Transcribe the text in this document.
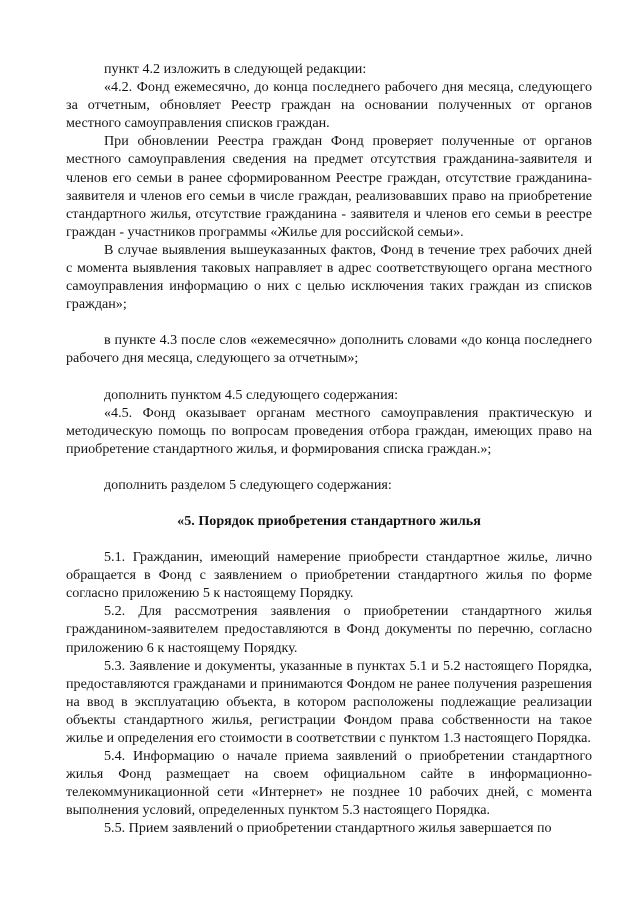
пункт 4.2 изложить в следующей редакции:

«4.2. Фонд ежемесячно, до конца последнего рабочего дня месяца, следующего за отчетным, обновляет Реестр граждан на основании полученных от органов местного самоуправления списков граждан.

При обновлении Реестра граждан Фонд проверяет полученные от органов местного самоуправления сведения на предмет отсутствия гражданина-заявителя и членов его семьи в ранее сформированном Реестре граждан, отсутствие гражданина-заявителя и членов его семьи в числе граждан, реализовавших право на приобретение стандартного жилья, отсутствие гражданина - заявителя и членов его семьи в реестре граждан - участников программы «Жилье для российской семьи».

В случае выявления вышеуказанных фактов, Фонд в течение трех рабочих дней с момента выявления таковых направляет в адрес соответствующего органа местного самоуправления информацию о них с целью исключения таких граждан из списков граждан»;

в пункте 4.3 после слов «ежемесячно» дополнить словами «до конца последнего рабочего дня месяца, следующего за отчетным»;

дополнить пунктом 4.5 следующего содержания:

«4.5. Фонд оказывает органам местного самоуправления практическую и методическую помощь по вопросам проведения отбора граждан, имеющих право на приобретение стандартного жилья, и формирования списка граждан.»;

дополнить разделом 5 следующего содержания:

«5. Порядок приобретения стандартного жилья

5.1. Гражданин, имеющий намерение приобрести стандартное жилье, лично обращается в Фонд с заявлением о приобретении стандартного жилья по форме согласно приложению 5 к настоящему Порядку.

5.2. Для рассмотрения заявления о приобретении стандартного жилья гражданином-заявителем предоставляются в Фонд документы по перечню, согласно приложению 6 к настоящему Порядку.

5.3. Заявление и документы, указанные в пунктах 5.1 и 5.2 настоящего Порядка, предоставляются гражданами и принимаются Фондом не ранее получения разрешения на ввод в эксплуатацию объекта, в котором расположены подлежащие реализации объекты стандартного жилья, регистрации Фондом права собственности на такое жилье и определения его стоимости в соответствии с пунктом 1.3 настоящего Порядка.

5.4. Информацию о начале приема заявлений о приобретении стандартного жилья Фонд размещает на своем официальном сайте в информационно-телекоммуникационной сети «Интернет» не позднее 10 рабочих дней, с момента выполнения условий, определенных пунктом 5.3 настоящего Порядка.

5.5. Прием заявлений о приобретении стандартного жилья завершается по
